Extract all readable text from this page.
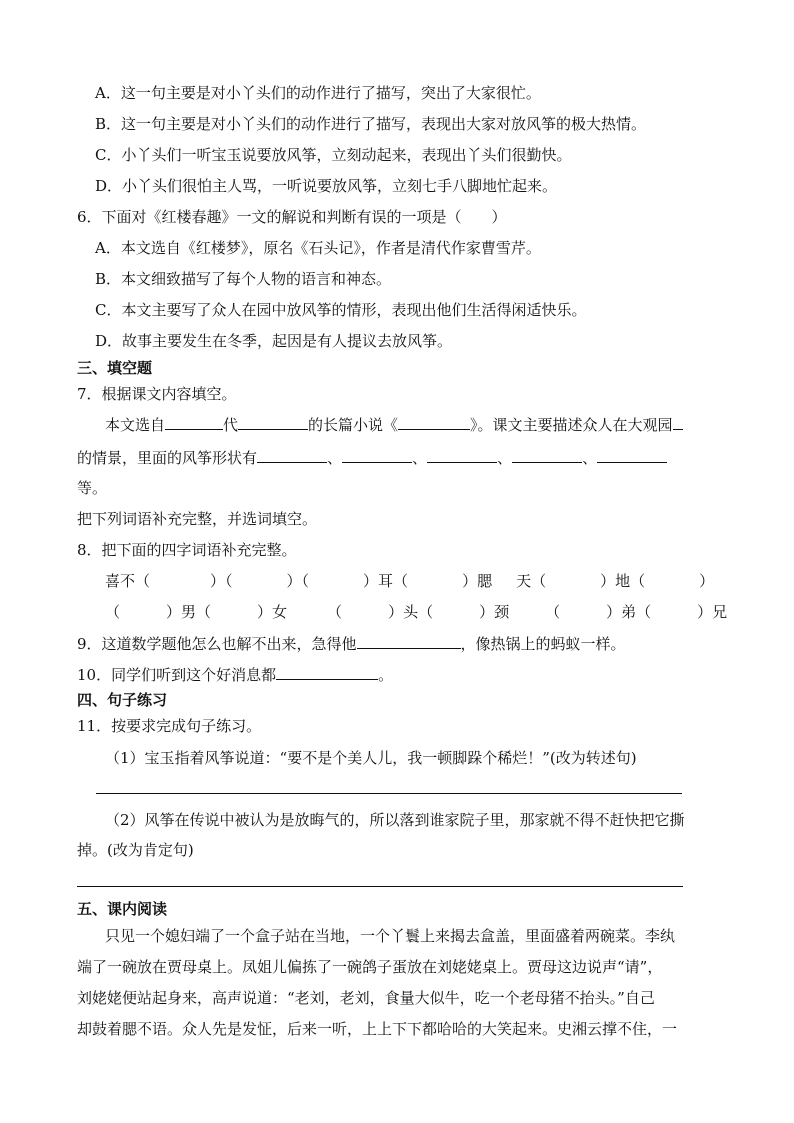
A．这一句主要是对小丫头们的动作进行了描写，突出了大家很忙。
B．这一句主要是对小丫头们的动作进行了描写，表现出大家对放风筝的极大热情。
C．小丫头们一听宝玉说要放风筝，立刻动起来，表现出丫头们很勤快。
D．小丫头们很怕主人骂，一听说要放风筝，立刻七手八脚地忙起来。
6．下面对《红楼春趣》一文的解说和判断有误的一项是（　　）
A．本文选自《红楼梦》，原名《石头记》，作者是清代作家曹雪芹。
B．本文细致描写了每个人物的语言和神态。
C．本文主要写了众人在园中放风筝的情形，表现出他们生活得闲适快乐。
D．故事主要发生在冬季，起因是有人提议去放风筝。
三、填空题
7．根据课文内容填空。
本文选自	代	的长篇小说《	》。课文主要描述众人在大观园
的情景，里面的风筝形状有	、	、	、	、
等。
把下列词语补充完整，并选词填空。
8．把下面的四字词语补充完整。
喜不（	）（	）（	）耳（	）腮 天（	）地（	）
（	）男（	）女	（	）头（	）颈 （	）弟（	）兄
9．这道数学题他怎么也解不出来，急得他	，像热锅上的蚂蚁一样。
10．同学们听到这个好消息都	。
四、句子练习
11．按要求完成句子练习。
（1）宝玉指着风筝说道：“要不是个美人儿，我一顿脚跺个稀烂！”(改为转述句)
（2）风筝在传说中被认为是放晦气的，所以落到谁家院子里，那家就不得不赶快把它撕
掉。(改为肯定句)
五、课内阅读
只见一个媳妇端了一个盒子站在当地，一个丫鬟上来揭去盒盖，里面盛着两碗菜。李纨
端了一碗放在贾母桌上。凤姐儿偏拣了一碗鸽子蛋放在刘姥姥桌上。贾母这边说声“请”，
刘姥姥便站起身来，高声说道：“老刘，老刘，食量大似牛，吃一个老母猪不抬头。”自己
却鼓着腮不语。众人先是发怔，后来一听，上上下下都哈哈的大笑起来。史湘云撑不住，一
